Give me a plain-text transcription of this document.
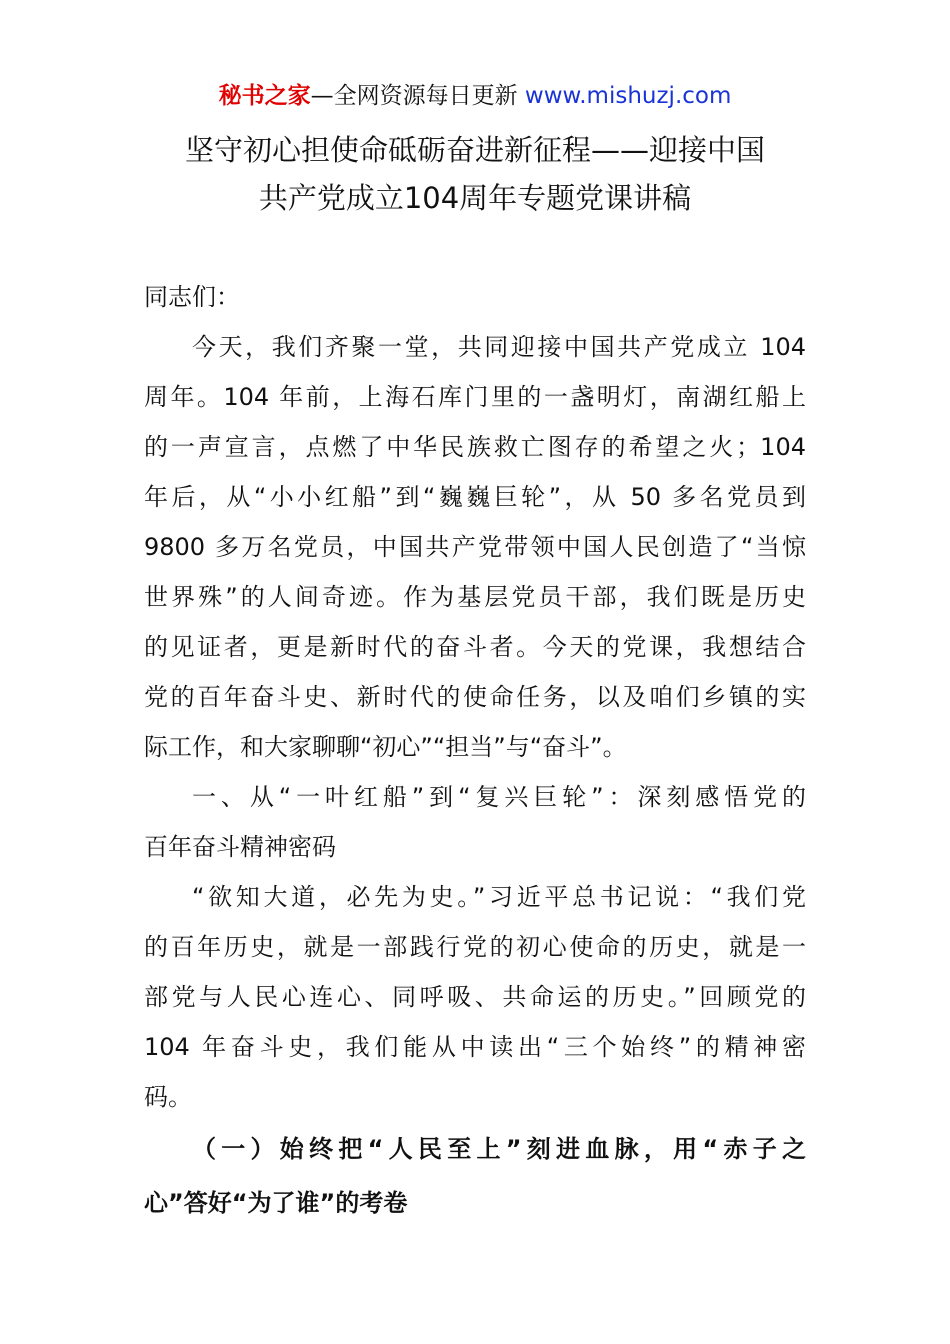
秘书之家—全网资源每日更新 www.mishuzj.com
坚守初心担使命砥砺奋进新征程——迎接中国
共产党成立104周年专题党课讲稿
同志们：
今天，我们齐聚一堂，共同迎接中国共产党成立 104
周年。104 年前，上海石库门里的一盏明灯，南湖红船上
的一声宣言，点燃了中华民族救亡图存的希望之火；104
年后，从“小小红船”到“巍巍巨轮”，从 50 多名党员到
9800 多万名党员，中国共产党带领中国人民创造了“当惊
世界殊”的人间奇迹。作为基层党员干部，我们既是历史
的见证者，更是新时代的奋斗者。今天的党课，我想结合
党的百年奋斗史、新时代的使命任务，以及咱们乡镇的实
际工作，和大家聊聊“初心”“担当”与“奋斗”。
一、从“一叶红船”到“复兴巨轮”：深刻感悟党的
百年奋斗精神密码
“欲知大道，必先为史。”习近平总书记说：“我们党
的百年历史，就是一部践行党的初心使命的历史，就是一
部党与人民心连心、同呼吸、共命运的历史。”回顾党的
104 年奋斗史，我们能从中读出“三个始终”的精神密
码。
（一）始终把“人民至上”刻进血脉，用“赤子之
心”答好“为了谁”的考卷
